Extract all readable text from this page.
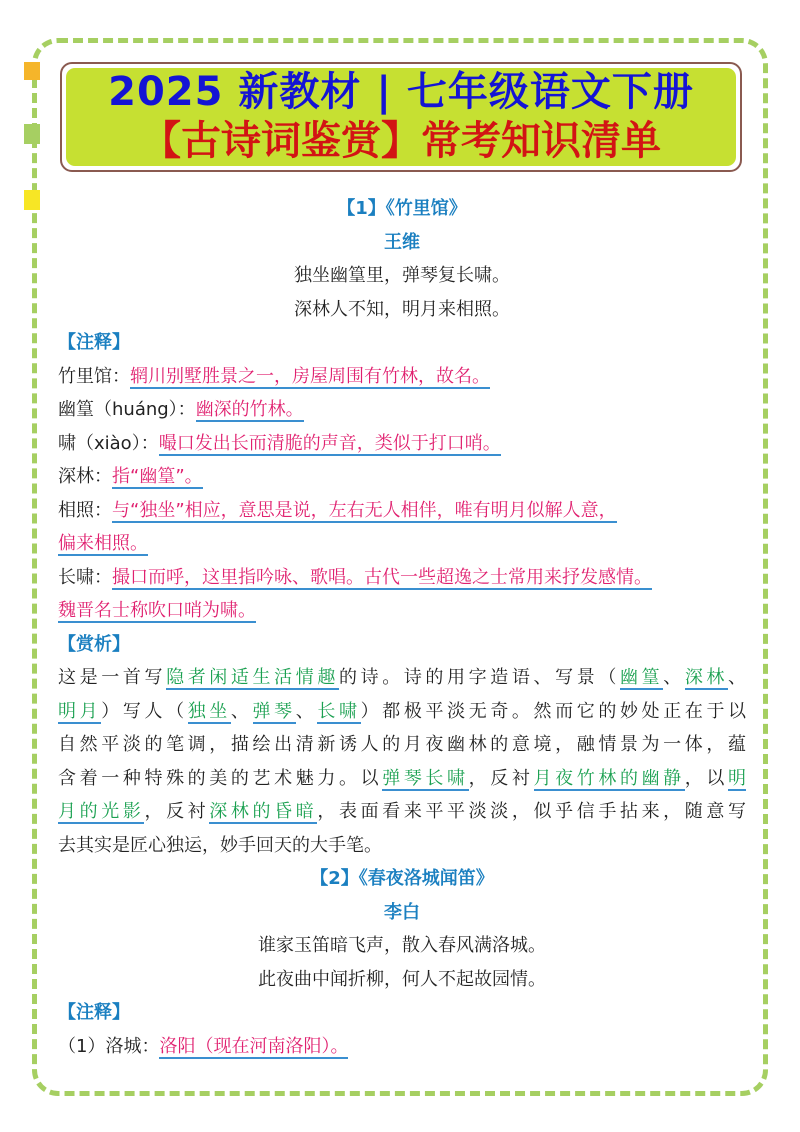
2025 新教材 | 七年级语文下册
【古诗词鉴赏】常考知识清单
【1】《竹里馆》
王维
独坐幽篁里，弹琴复长啸。
深林人不知，明月来相照。
【注释】
竹里馆：辋川别墅胜景之一，房屋周围有竹林，故名。
幽篁（huáng）：幽深的竹林。
啸（xiào）：嘬口发出长而清脆的声音，类似于打口哨。
深林：指“幽篁”。
相照：与“独坐”相应，意思是说，左右无人相伴，唯有明月似解人意，
偏来相照。
长啸：撮口而呼，这里指吟咏、歌唱。古代一些超逸之士常用来抒发感情。
魏晋名士称吹口哨为啸。
【赏析】
这是一首写隐者闲适生活情趣的诗。诗的用字造语、写景（幽篁、深林、
明月）写人（独坐、弹琴、长啸）都极平淡无奇。然而它的妙处正在于以
自然平淡的笔调，描绘出清新诱人的月夜幽林的意境，融情景为一体，蕴
含着一种特殊的美的艺术魅力。以弹琴长啸，反衬月夜竹林的幽静，以明
月的光影，反衬深林的昏暗，表面看来平平淡淡，似乎信手拈来，随意写
去其实是匠心独运，妙手回天的大手笔。
【2】《春夜洛城闻笛》
李白
谁家玉笛暗飞声，散入春风满洛城。
此夜曲中闻折柳，何人不起故园情。
【注释】
（1）洛城：洛阳（现在河南洛阳）。
